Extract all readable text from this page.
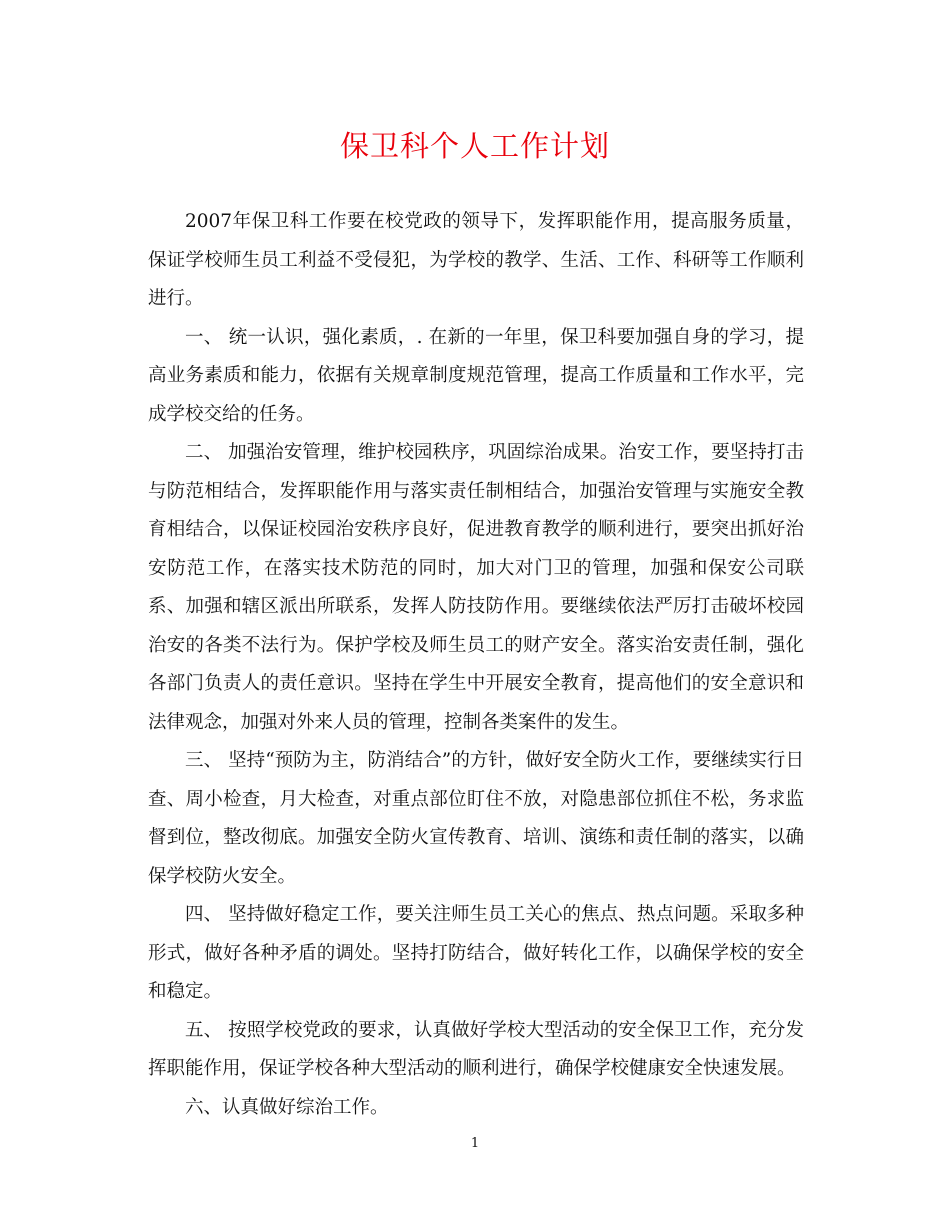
保卫科个人工作计划

2007年保卫科工作要在校党政的领导下，发挥职能作用，提高服务质量，保证学校师生员工利益不受侵犯，为学校的教学、生活、工作、科研等工作顺利进行。

一、 统一认识，强化素质，. 在新的一年里，保卫科要加强自身的学习，提高业务素质和能力，依据有关规章制度规范管理，提高工作质量和工作水平，完成学校交给的任务。

二、 加强治安管理，维护校园秩序，巩固综治成果。治安工作，要坚持打击与防范相结合，发挥职能作用与落实责任制相结合，加强治安管理与实施安全教育相结合，以保证校园治安秩序良好，促进教育教学的顺利进行，要突出抓好治安防范工作，在落实技术防范的同时，加大对门卫的管理，加强和保安公司联系、加强和辖区派出所联系，发挥人防技防作用。要继续依法严厉打击破坏校园治安的各类不法行为。保护学校及师生员工的财产安全。落实治安责任制，强化各部门负责人的责任意识。坚持在学生中开展安全教育，提高他们的安全意识和法律观念，加强对外来人员的管理，控制各类案件的发生。

三、 坚持“预防为主，防消结合”的方针，做好安全防火工作，要继续实行日查、周小检查，月大检查，对重点部位盯住不放，对隐患部位抓住不松，务求监督到位，整改彻底。加强安全防火宣传教育、培训、演练和责任制的落实，以确保学校防火安全。

四、 坚持做好稳定工作，要关注师生员工关心的焦点、热点问题。采取多种形式，做好各种矛盾的调处。坚持打防结合，做好转化工作，以确保学校的安全和稳定。

五、 按照学校党政的要求，认真做好学校大型活动的安全保卫工作，充分发挥职能作用，保证学校各种大型活动的顺利进行，确保学校健康安全快速发展。

六、认真做好综治工作。

1
